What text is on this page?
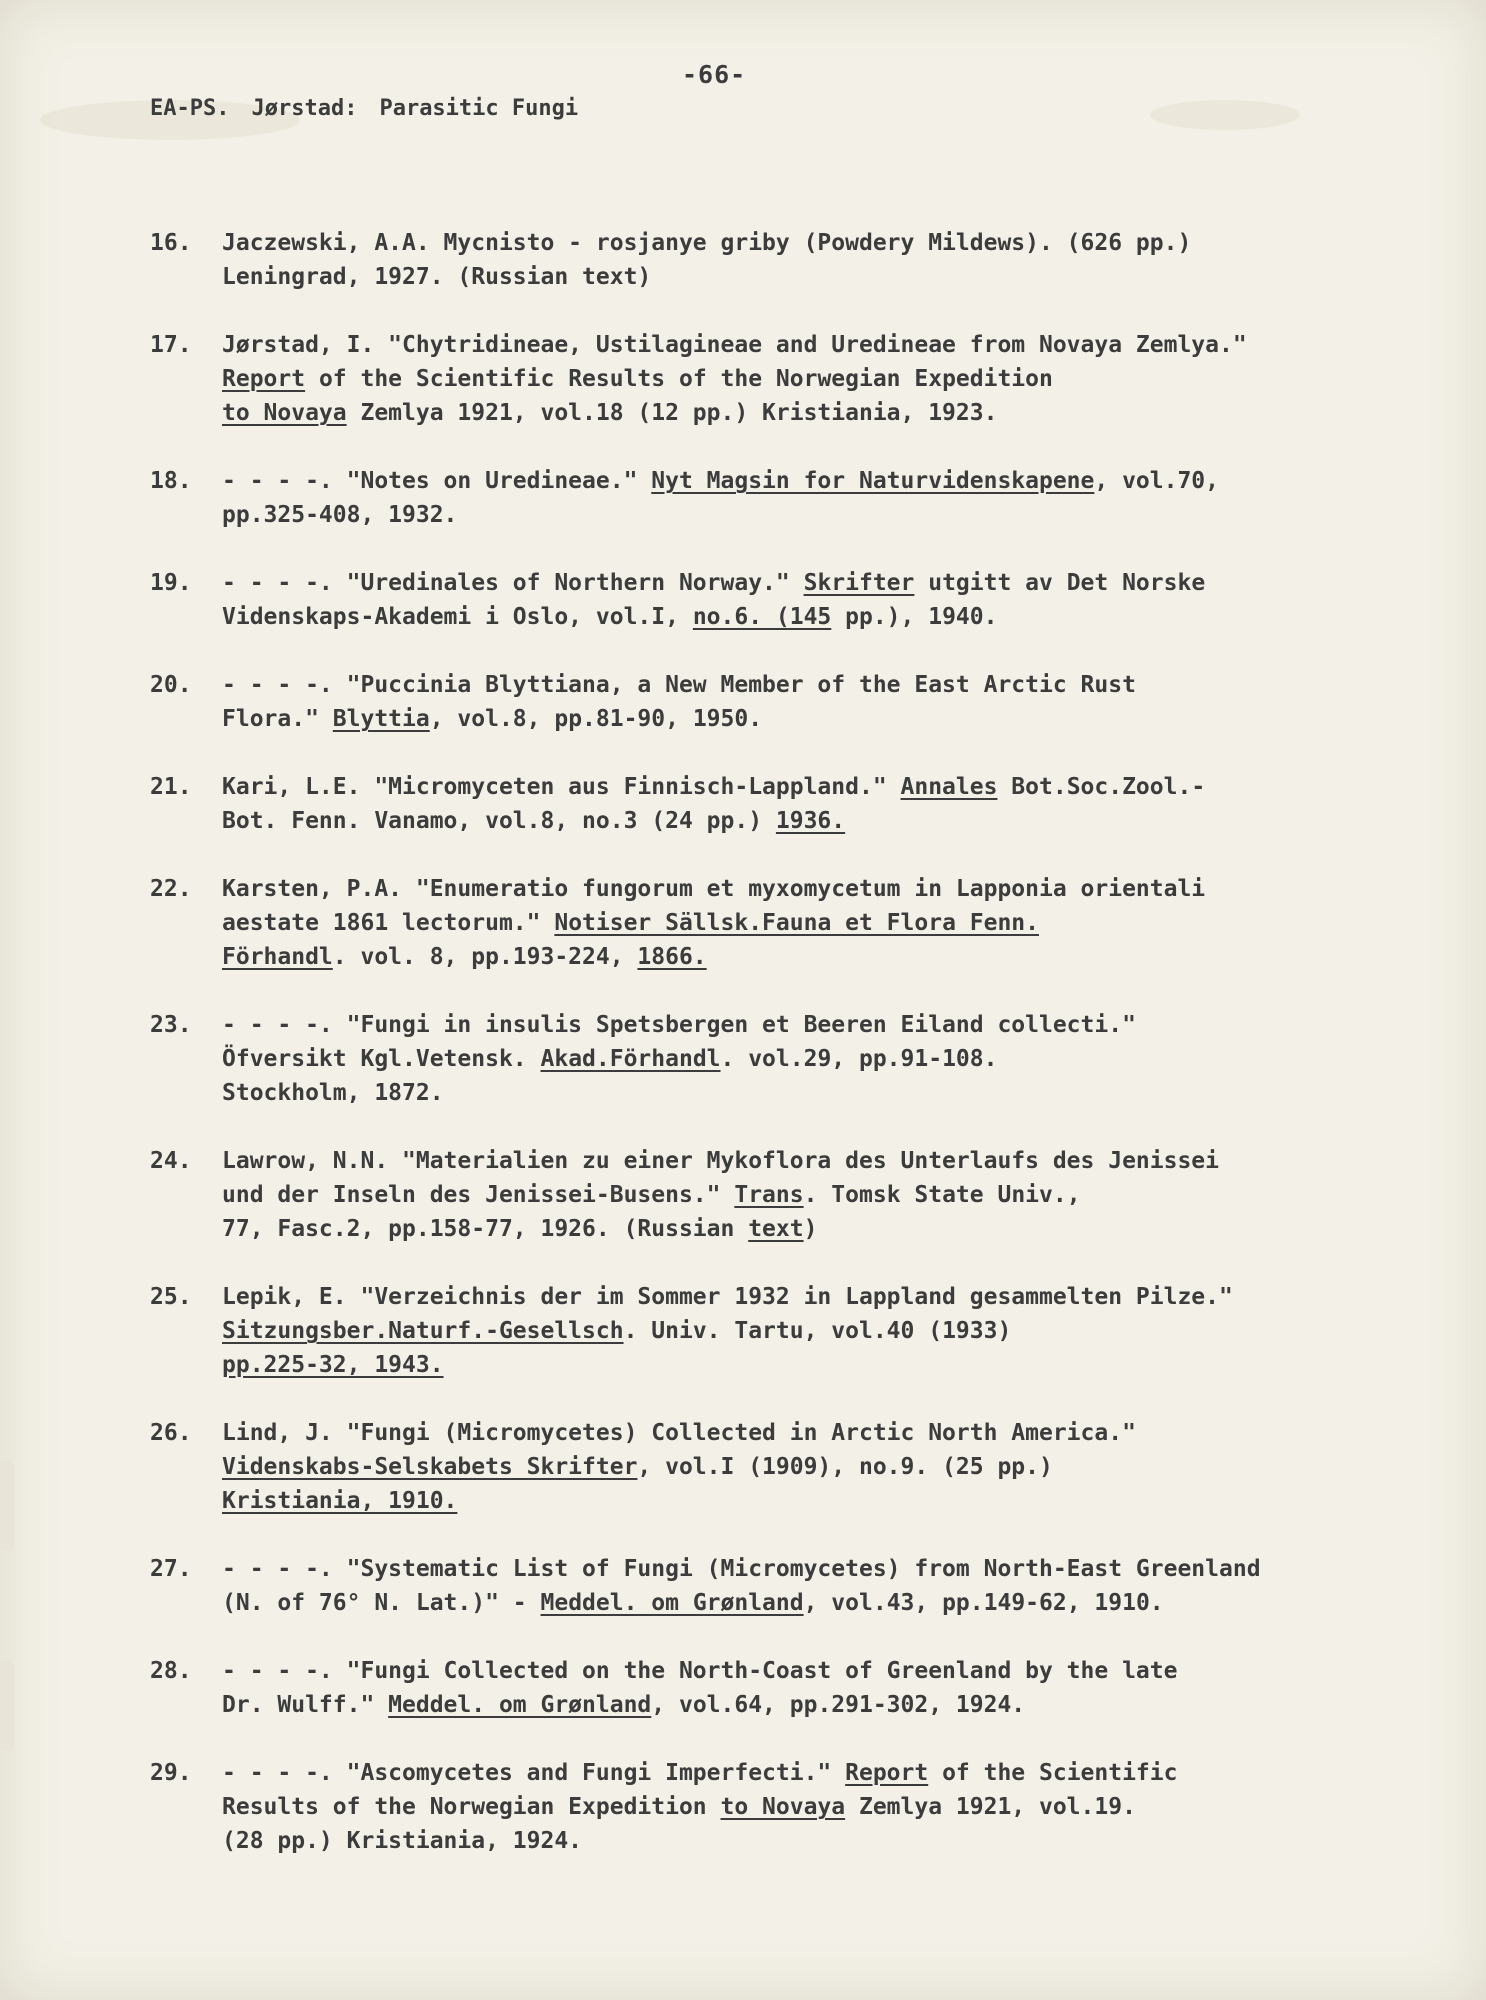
-66-
EA-PS. Jørstad: Parasitic Fungi
16.	Jaczewski, A.A. Mycnisto - rosjanye griby (Powdery Mildews). (626 pp.)
Leningrad, 1927. (Russian text)
17.	Jørstad, I. "Chytridineae, Ustilagineae and Uredineae from Novaya Zemlya."
Report of the Scientific Results of the Norwegian Expedition
to Novaya Zemlya 1921, vol.18 (12 pp.) Kristiania, 1923.
18.	- - - -. "Notes on Uredineae." Nyt Magsin for Naturvidenskapene, vol.70,
pp.325-408, 1932.
19.	- - - -. "Uredinales of Northern Norway." Skrifter utgitt av Det Norske
Videnskaps-Akademi i Oslo, vol.I, no.6. (145 pp.), 1940.
20.	- - - -. "Puccinia Blyttiana, a New Member of the East Arctic Rust
Flora." Blyttia, vol.8, pp.81-90, 1950.
21.	Kari, L.E. "Micromyceten aus Finnisch-Lappland." Annales Bot.Soc.Zool.-
Bot. Fenn. Vanamo, vol.8, no.3 (24 pp.) 1936.
22.	Karsten, P.A. "Enumeratio fungorum et myxomycetum in Lapponia orientali
aestate 1861 lectorum." Notiser Sällsk.Fauna et Flora Fenn.
Förhandl. vol. 8, pp.193-224, 1866.
23.	- - - -. "Fungi in insulis Spetsbergen et Beeren Eiland collecti."
Öfversikt Kgl.Vetensk. Akad.Förhandl. vol.29, pp.91-108.
Stockholm, 1872.
24.	Lawrow, N.N. "Materialien zu einer Mykoflora des Unterlaufs des Jenissei
und der Inseln des Jenissei-Busens." Trans. Tomsk State Univ.,
77, Fasc.2, pp.158-77, 1926. (Russian text)
25.	Lepik, E. "Verzeichnis der im Sommer 1932 in Lappland gesammelten Pilze."
Sitzungsber.Naturf.-Gesellsch. Univ. Tartu, vol.40 (1933)
pp.225-32, 1943.
26.	Lind, J. "Fungi (Micromycetes) Collected in Arctic North America."
Videnskabs-Selskabets Skrifter, vol.I (1909), no.9. (25 pp.)
Kristiania, 1910.
27.	- - - -. "Systematic List of Fungi (Micromycetes) from North-East Greenland
(N. of 76° N. Lat.)" - Meddel. om Grønland, vol.43, pp.149-62, 1910.
28.	- - - -. "Fungi Collected on the North-Coast of Greenland by the late
Dr. Wulff." Meddel. om Grønland, vol.64, pp.291-302, 1924.
29.	- - - -. "Ascomycetes and Fungi Imperfecti." Report of the Scientific
Results of the Norwegian Expedition to Novaya Zemlya 1921, vol.19.
(28 pp.) Kristiania, 1924.
